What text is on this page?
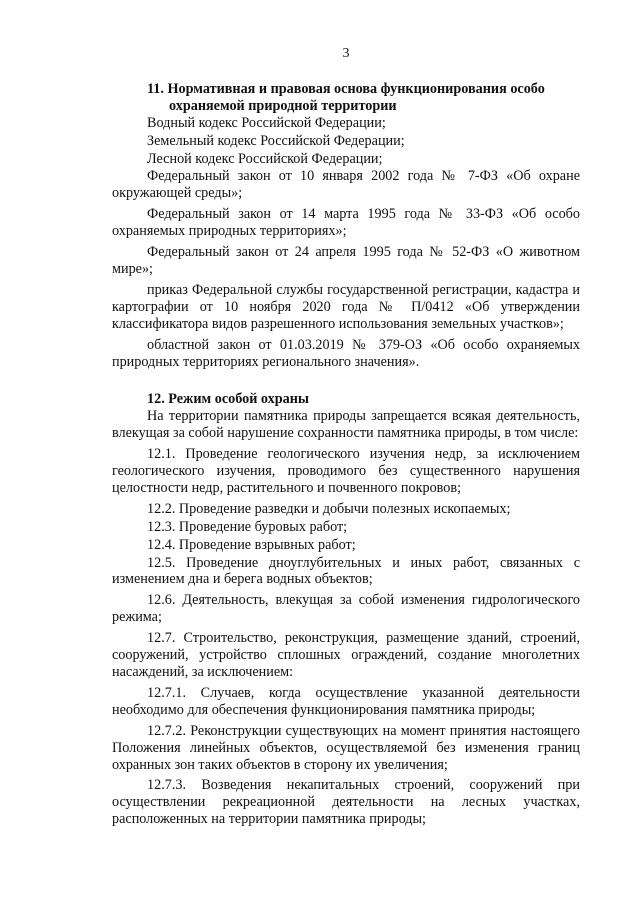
3

11. Нормативная и правовая основа функционирования особо
охраняемой природной территории

Водный кодекс Российской Федерации;

Земельный кодекс Российской Федерации;

Лесной кодекс Российской Федерации;

Федеральный закон от 10 января 2002 года № 7-ФЗ «Об охране окружающей среды»;

Федеральный закон от 14 марта 1995 года № 33-ФЗ «Об особо охраняемых природных территориях»;

Федеральный закон от 24 апреля 1995 года № 52-ФЗ «О животном мире»;

приказ Федеральной службы государственной регистрации, кадастра и картографии от 10 ноября 2020 года № П/0412 «Об утверждении классификатора видов разрешенного использования земельных участков»;

областной закон от 01.03.2019 № 379-ОЗ «Об особо охраняемых природных территориях регионального значения».

12. Режим особой охраны

На территории памятника природы запрещается всякая деятельность, влекущая за собой нарушение сохранности памятника природы, в том числе:

12.1. Проведение геологического изучения недр, за исключением геологического изучения, проводимого без существенного нарушения целостности недр, растительного и почвенного покровов;

12.2. Проведение разведки и добычи полезных ископаемых;

12.3. Проведение буровых работ;

12.4. Проведение взрывных работ;

12.5. Проведение дноуглубительных и иных работ, связанных с изменением дна и берега водных объектов;

12.6. Деятельность, влекущая за собой изменения гидрологического режима;

12.7. Строительство, реконструкция, размещение зданий, строений, сооружений, устройство сплошных ограждений, создание многолетних насаждений, за исключением:

12.7.1. Случаев, когда осуществление указанной деятельности необходимо для обеспечения функционирования памятника природы;

12.7.2. Реконструкции существующих на момент принятия настоящего Положения линейных объектов, осуществляемой без изменения границ охранных зон таких объектов в сторону их увеличения;

12.7.3. Возведения некапитальных строений, сооружений при осуществлении рекреационной деятельности на лесных участках, расположенных на территории памятника природы;
